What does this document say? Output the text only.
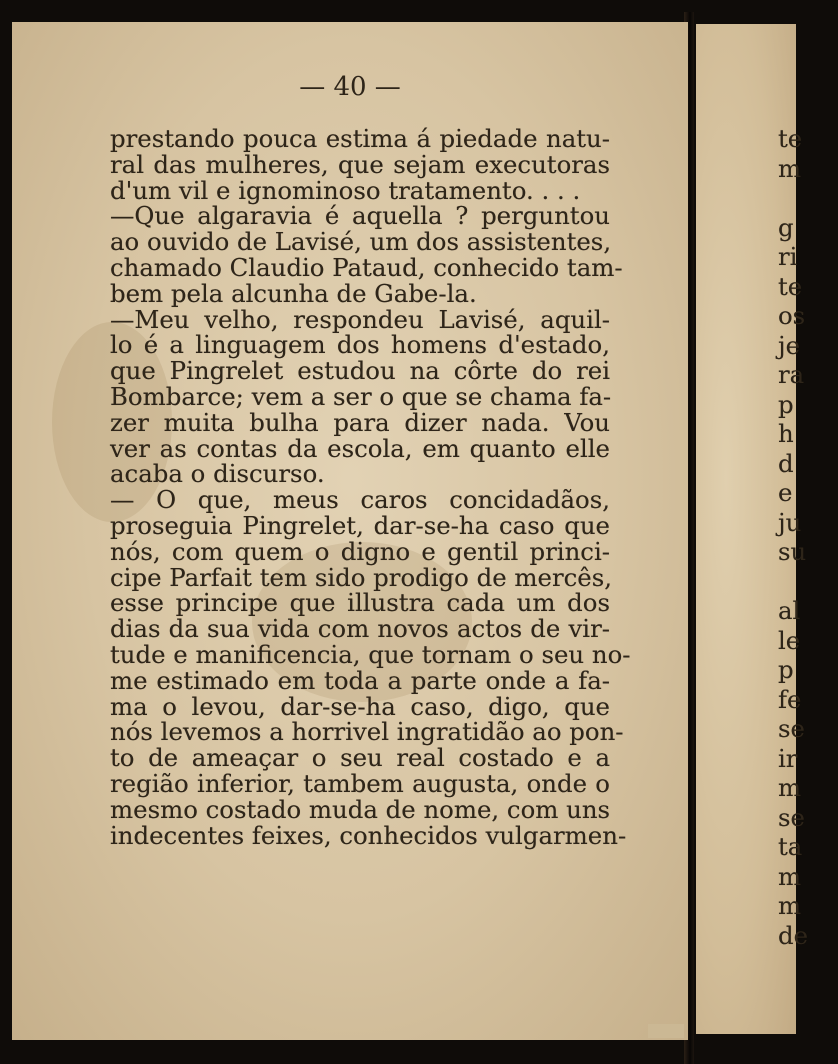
— 40 —
prestando pouca estima á piedade natu-
ral das mulheres, que sejam executoras
d'um vil e ignominoso tratamento. . . .
—Que algaravia é aquella ? perguntou
ao ouvido de Lavisé, um dos assistentes,
chamado Claudio Pataud, conhecido tam-
bem pela alcunha de Gabe-la.
—Meu velho, respondeu Lavisé, aquil-
lo é a linguagem dos homens d'estado,
que Pingrelet estudou na côrte do rei
Bombarce; vem a ser o que se chama fa-
zer muita bulha para dizer nada. Vou
ver as contas da escola, em quanto elle
acaba o discurso.
— O que, meus caros concidadãos,
proseguia Pingrelet, dar-se-ha caso que
nós, com quem o digno e gentil princi-
cipe Parfait tem sido prodigo de mercês,
esse principe que illustra cada um dos
dias da sua vida com novos actos de vir-
tude e manificencia, que tornam o seu no-
me estimado em toda a parte onde a fa-
ma o levou, dar-se-ha caso, digo, que
nós levemos a horrivel ingratidão ao pon-
to de ameaçar o seu real costado e a
região inferior, tambem augusta, onde o
mesmo costado muda de nome, com uns
indecentes feixes, conhecidos vulgarmen-
te
m
g
ri
te
os
je
ra
p
h
d
e
ju
su
al
le
p
fe
se
ir
m
se
ta
m
m
de
